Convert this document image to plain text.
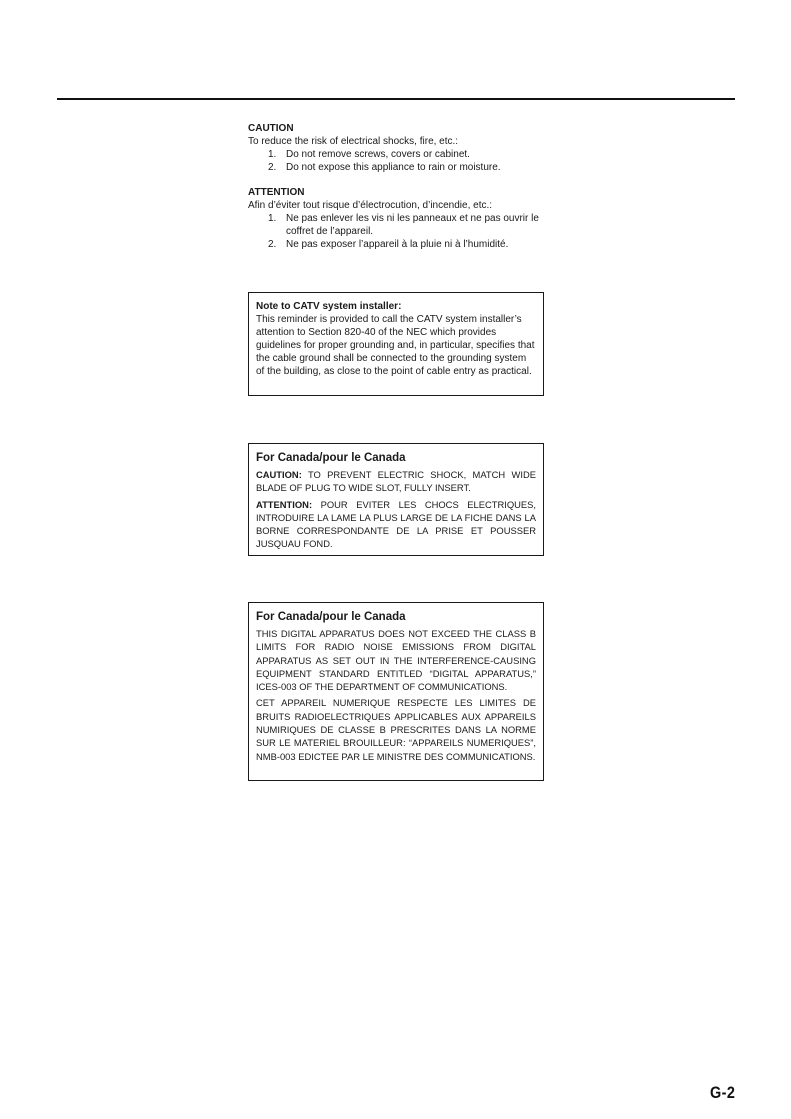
CAUTION
To reduce the risk of electrical shocks, fire, etc.:
1. Do not remove screws, covers or cabinet.
2. Do not expose this appliance to rain or moisture.
ATTENTION
Afin d’éviter tout risque d’électrocution, d’incendie, etc.:
1. Ne pas enlever les vis ni les panneaux et ne pas ouvrir le coffret de l’appareil.
2. Ne pas exposer l’appareil à la pluie ni à l’humidité.
Note to CATV system installer:
This reminder is provided to call the CATV system installer’s attention to Section 820-40 of the NEC which provides guidelines for proper grounding and, in particular, specifies that the cable ground shall be connected to the grounding system of the building, as close to the point of cable entry as practical.
For Canada/pour le Canada

CAUTION: TO PREVENT ELECTRIC SHOCK, MATCH WIDE BLADE OF PLUG TO WIDE SLOT, FULLY INSERT.

ATTENTION: POUR EVITER LES CHOCS ELECTRIQUES, INTRODUIRE LA LAME LA PLUS LARGE DE LA FICHE DANS LA BORNE CORRESPONDANTE DE LA PRISE ET POUSSER JUSQUAU FOND.

For Canada/pour le Canada

THIS DIGITAL APPARATUS DOES NOT EXCEED THE CLASS B LIMITS FOR RADIO NOISE EMISSIONS FROM DIGITAL APPARATUS AS SET OUT IN THE INTERFERENCE-CAUSING EQUIPMENT STANDARD ENTITLED “DIGITAL APPARATUS,” ICES-003 OF THE DEPARTMENT OF COMMUNICATIONS.

CET APPAREIL NUMERIQUE RESPECTE LES LIMITES DE BRUITS RADIOELECTRIQUES APPLICABLES AUX APPAREILS NUMIRIQUES DE CLASSE B PRESCRITES DANS LA NORME SUR LE MATERIEL BROUILLEUR: “APPAREILS NUMERIQUES”, NMB-003 EDICTEE PAR LE MINISTRE DES COMMUNICATIONS.

G-2
